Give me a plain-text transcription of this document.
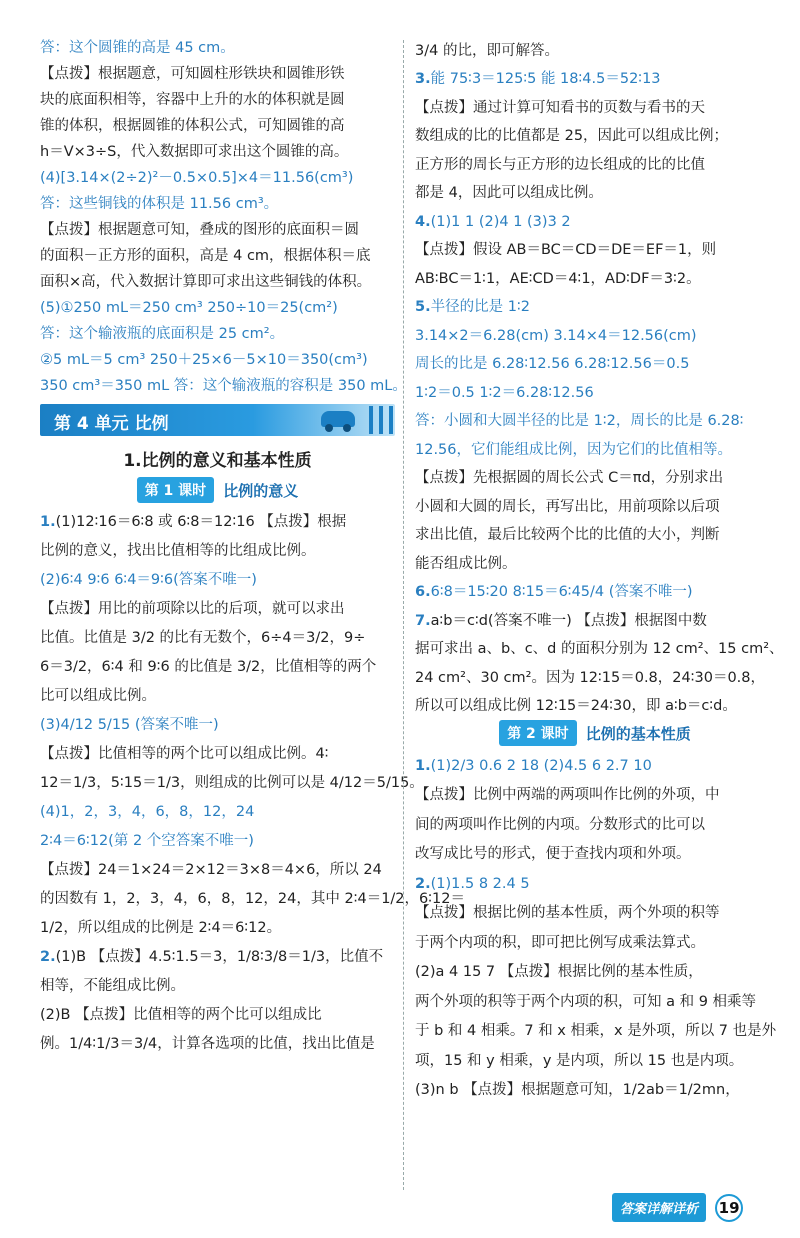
答：这个圆锥的高是 45 cm。
【点拨】根据题意，可知圆柱形铁块和圆锥形铁
块的底面积相等，容器中上升的水的体积就是圆
锥的体积，根据圆锥的体积公式，可知圆锥的高
h＝V×3÷S，代入数据即可求出这个圆锥的高。
(4)[3.14×(2÷2)²－0.5×0.5]×4＝11.56(cm³)
答：这些铜钱的体积是 11.56 cm³。
【点拨】根据题意可知，叠成的图形的底面积＝圆
的面积－正方形的面积，高是 4 cm，根据体积＝底
面积×高，代入数据计算即可求出这些铜钱的体积。
(5)①250 mL＝250 cm³ 250÷10＝25(cm²)
答：这个输液瓶的底面积是 25 cm²。
②5 mL＝5 cm³ 250＋25×6－5×10＝350(cm³)
350 cm³＝350 mL 答：这个输液瓶的容积是 350 mL。
第 4 单元 比例
1.比例的意义和基本性质
第 1 课时 比例的意义
1.(1)12∶16＝6∶8 或 6∶8＝12∶16 【点拨】根据
比例的意义，找出比值相等的比组成比例。
(2)6∶4 9∶6 6∶4＝9∶6(答案不唯一)
【点拨】用比的前项除以比的后项，就可以求出
比值。比值是 3/2 的比有无数个，6÷4＝3/2，9÷
6＝3/2，6∶4 和 9∶6 的比值是 3/2，比值相等的两个
比可以组成比例。
(3)4/12 5/15 (答案不唯一)
【点拨】比值相等的两个比可以组成比例。4∶
12＝1/3，5∶15＝1/3，则组成的比例可以是 4/12＝5/15。
(4)1，2，3，4，6，8，12，24
2∶4＝6∶12(第 2 个空答案不唯一)
【点拨】24＝1×24＝2×12＝3×8＝4×6，所以 24
的因数有 1，2，3，4，6，8，12，24，其中 2∶4＝1/2，6∶12＝
1/2，所以组成的比例是 2∶4＝6∶12。
2.(1)B 【点拨】4.5∶1.5＝3，1/8∶3/8＝1/3，比值不
相等，不能组成比例。
(2)B 【点拨】比值相等的两个比可以组成比
例。1/4∶1/3＝3/4，计算各选项的比值，找出比值是
3/4 的比，即可解答。
3.能 75∶3＝125∶5 能 18∶4.5＝52∶13
【点拨】通过计算可知看书的页数与看书的天
数组成的比的比值都是 25，因此可以组成比例；
正方形的周长与正方形的边长组成的比的比值
都是 4，因此可以组成比例。
4.(1)1 1 (2)4 1 (3)3 2
【点拨】假设 AB＝BC＝CD＝DE＝EF＝1，则
AB∶BC＝1∶1，AE∶CD＝4∶1，AD∶DF＝3∶2。
5.半径的比是 1∶2
3.14×2＝6.28(cm) 3.14×4＝12.56(cm)
周长的比是 6.28∶12.56 6.28∶12.56＝0.5
1∶2＝0.5 1∶2＝6.28∶12.56
答：小圆和大圆半径的比是 1∶2，周长的比是 6.28∶
12.56，它们能组成比例，因为它们的比值相等。
【点拨】先根据圆的周长公式 C＝πd，分别求出
小圆和大圆的周长，再写出比，用前项除以后项
求出比值，最后比较两个比的比值的大小，判断
能否组成比例。
6.6∶8＝15∶20 8∶15＝6∶45/4 (答案不唯一)
7.a∶b＝c∶d(答案不唯一) 【点拨】根据图中数
据可求出 a、b、c、d 的面积分别为 12 cm²、15 cm²、
24 cm²、30 cm²。因为 12∶15＝0.8，24∶30＝0.8，
所以可以组成比例 12∶15＝24∶30，即 a∶b＝c∶d。
第 2 课时 比例的基本性质
1.(1)2/3 0.6 2 18 (2)4.5 6 2.7 10
【点拨】比例中两端的两项叫作比例的外项，中
间的两项叫作比例的内项。分数形式的比可以
改写成比号的形式，便于查找内项和外项。
2.(1)1.5 8 2.4 5
【点拨】根据比例的基本性质，两个外项的积等
于两个内项的积，即可把比例写成乘法算式。
(2)a 4 15 7 【点拨】根据比例的基本性质，
两个外项的积等于两个内项的积，可知 a 和 9 相乘等
于 b 和 4 相乘。7 和 x 相乘，x 是外项，所以 7 也是外
项，15 和 y 相乘，y 是内项，所以 15 也是内项。
(3)n b 【点拨】根据题意可知，1/2ab＝1/2mn，
答案详解详析 19
